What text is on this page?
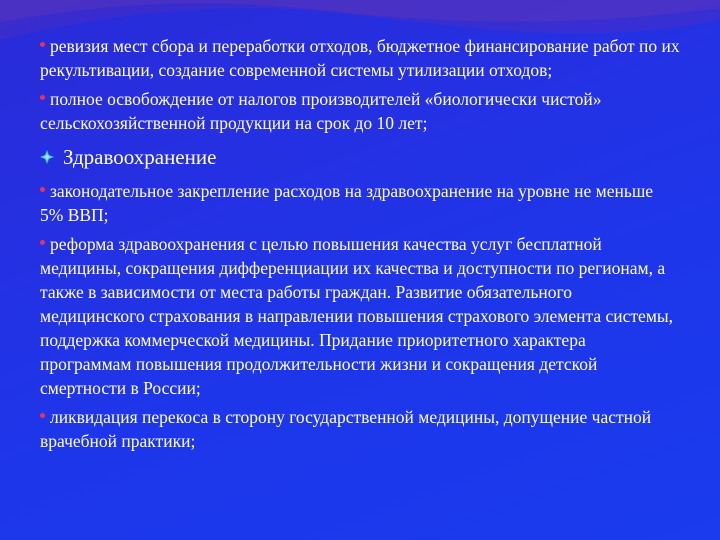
ревизия мест сбора и переработки отходов, бюджетное финансирование работ по их рекультивации, создание современной системы утилизации отходов;

полное освобождение от налогов производителей «биологически чистой» сельскохозяйственной продукции на срок до 10 лет;

Здравоохранение

законодательное закрепление расходов на здравоохранение на уровне не меньше 5% ВВП;

реформа здравоохранения с целью повышения качества услуг бесплатной медицины, сокращения дифференциации их качества и доступности по регионам, а также в зависимости от места работы граждан. Развитие обязательного медицинского страхования в направлении повышения страхового элемента системы, поддержка коммерческой медицины. Придание приоритетного характера программам повышения продолжительности жизни и сокращения детской смертности в России;

ликвидация перекоса в сторону государственной медицины, допущение частной врачебной практики;
